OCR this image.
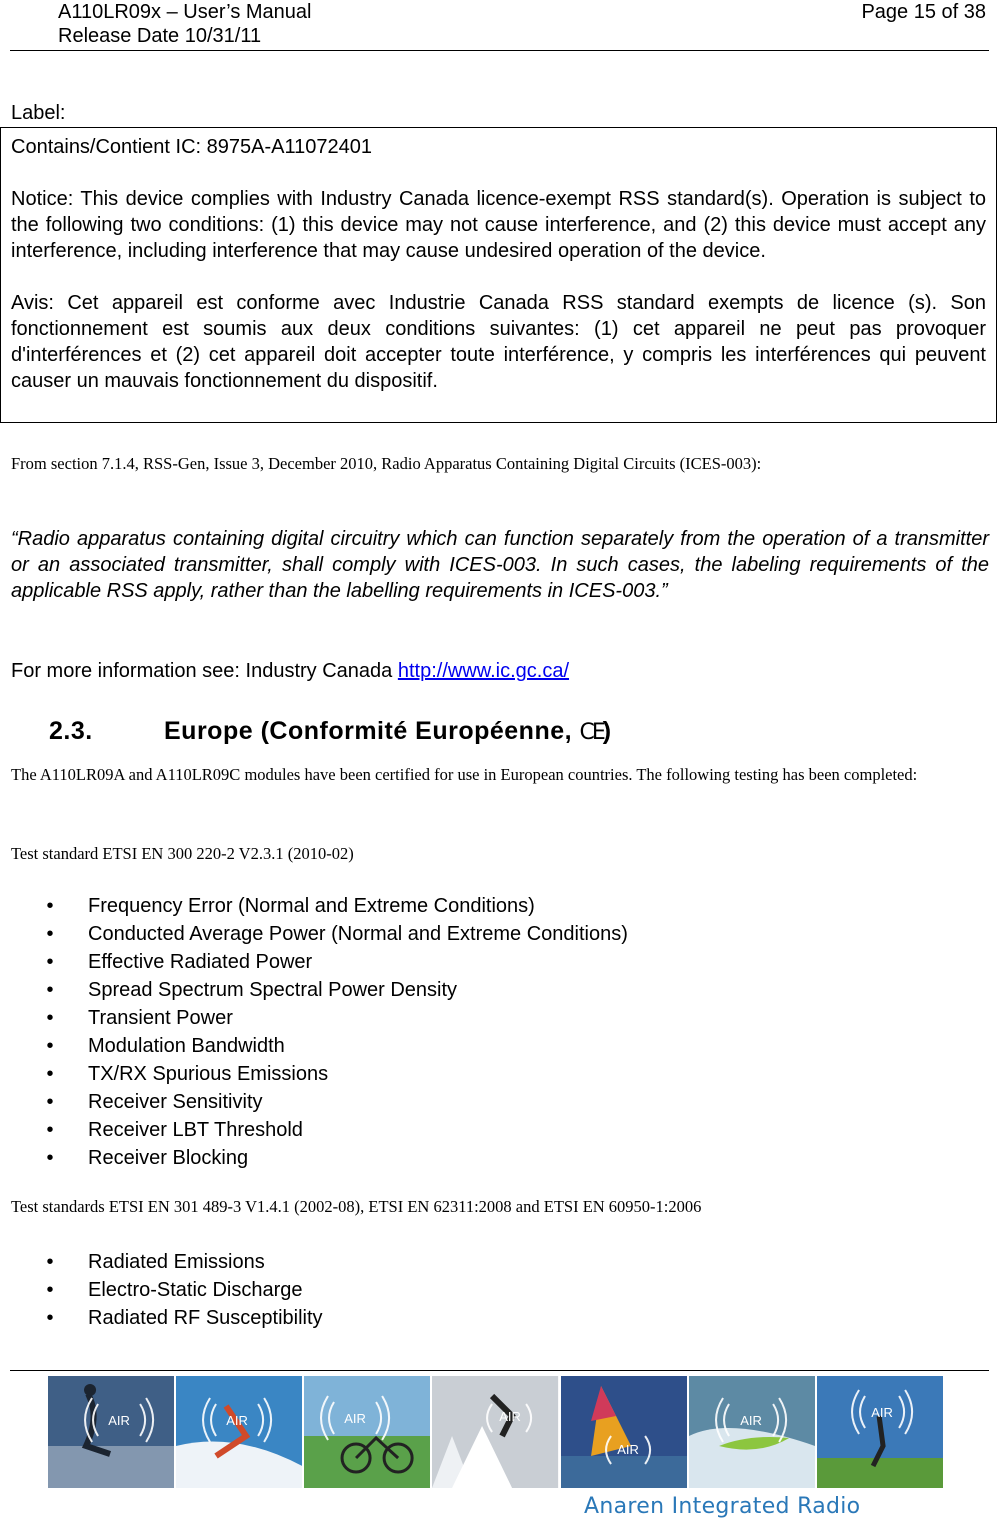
A110LR09x – User’s Manual
Release Date 10/31/11
Page 15 of 38
Label:

Contains/Contient IC: 8975A-A11072401

Notice: This device complies with Industry Canada licence-exempt RSS standard(s). Operation is subject to the following two conditions: (1) this device may not cause interference, and (2) this device must accept any interference, including interference that may cause undesired operation of the device.

Avis: Cet appareil est conforme avec Industrie Canada RSS standard exempts de licence (s). Son fonctionnement est soumis aux deux conditions suivantes: (1) cet appareil ne peut pas provoquer d'interférences et (2) cet appareil doit accepter toute interférence, y compris les interférences qui peuvent causer un mauvais fonctionnement du dispositif.

From section 7.1.4, RSS-Gen, Issue 3, December 2010, Radio Apparatus Containing Digital Circuits (ICES-003):
“Radio apparatus containing digital circuitry which can function separately from the operation of a transmitter or an associated transmitter, shall comply with ICES-003. In such cases, the labeling requirements of the applicable RSS apply, rather than the labelling requirements in ICES-003.”
For more information see: Industry Canada http://www.ic.gc.ca/
2.3.	Europe (Conformité Européenne, CE)
The A110LR09A and A110LR09C modules have been certified for use in European countries. The following testing has been completed:
Test standard ETSI EN 300 220-2 V2.3.1 (2010-02)
• Frequency Error (Normal and Extreme Conditions)
• Conducted Average Power (Normal and Extreme Conditions)
• Effective Radiated Power
• Spread Spectrum Spectral Power Density
• Transient Power
• Modulation Bandwidth
• TX/RX Spurious Emissions
• Receiver Sensitivity
• Receiver LBT Threshold
• Receiver Blocking
Test standards ETSI EN 301 489-3 V1.4.1 (2002-08), ETSI EN 62311:2008 and ETSI EN 60950-1:2006
• Radiated Emissions
• Electro-Static Discharge
• Radiated RF Susceptibility
AIR	AIR	AIR	AIR
AIR
AIR
AIR
Anaren Integrated Radio
